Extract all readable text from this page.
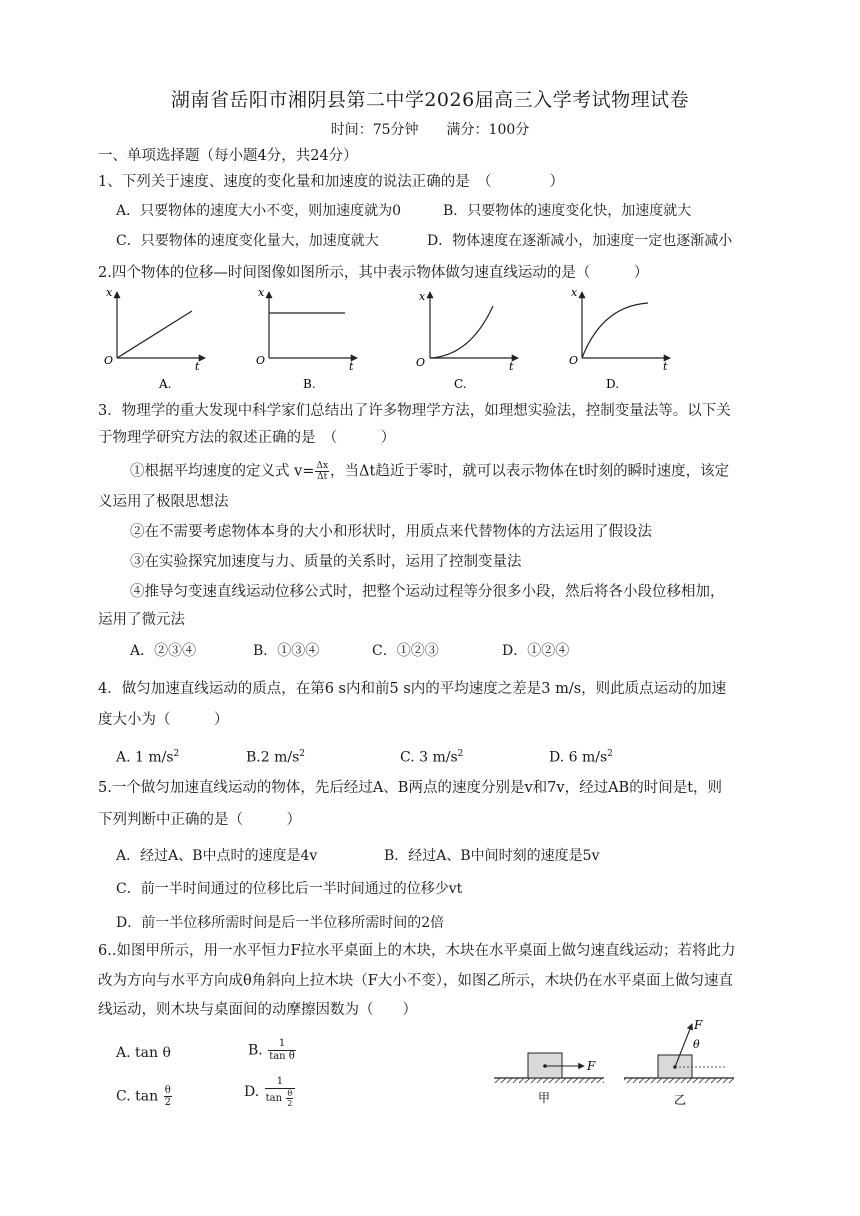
湖南省岳阳市湘阴县第二中学2026届高三入学考试物理试卷
时间：75分钟　　满分：100分
一、单项选择题（每小题4分，共24分）
1、下列关于速度、速度的变化量和加速度的说法正确的是　（　　　　）
A．只要物体的速度大小不变，则加速度就为0	B．只要物体的速度变化快，加速度就大
C．只要物体的速度变化量大，加速度就大	D．物体速度在逐渐减小，加速度一定也逐渐减小
2.四个物体的位移—时间图像如图所示，其中表示物体做匀速直线运动的是（　　　）
x
O	t
A.
x
O	t
B.
x
O	t
C.
x
O	t
D.
3．物理学的重大发现中科学家们总结出了许多物理学方法，如理想实验法，控制变量法等。以下关
于物理学研究方法的叙述正确的是　（　　　）
①根据平均速度的定义式 $v= \frac{\Delta x}{\Delta t}$ ，当Δt趋近于零时，就可以表示物体在t时刻的瞬时速度，该定
义运用了极限思想法
②在不需要考虑物体本身的大小和形状时，用质点来代替物体的方法运用了假设法
③在实验探究加速度与力、质量的关系时，运用了控制变量法
④推导匀变速直线运动位移公式时，把整个运动过程等分很多小段，然后将各小段位移相加，
运用了微元法
A．②③④	B．①③④	C．①②③	D．①②④
4．做匀加速直线运动的质点，在第6 s内和前5 s内的平均速度之差是3 m/s，则此质点运动的加速
度大小为（　　　）
A. 1 $m/s^2$	B.2 $m/s^2$	C. 3 $m/s^2$	D. 6 $m/s^2$
5.一个做匀加速直线运动的物体，先后经过A、B两点的速度分别是v和7v，经过AB的时间是t，则
下列判断中正确的是（　　　）
A．经过A、B中点时的速度是4v	B．经过A、B中间时刻的速度是5v
C．前一半时间通过的位移比后一半时间通过的位移少vt
D．前一半位移所需时间是后一半位移所需时间的2倍
6..如图甲所示，用一水平恒力F拉水平桌面上的木块，木块在水平桌面上做匀速直线运动；若将此力
改为方向与水平方向成θ角斜向上拉木块（F大小不变），如图乙所示，木块仍在水平桌面上做匀速直
线运动，则木块与桌面间的动摩擦因数为（　　）
A. tan θ	B. $\frac{1}{\text{tan θ}}$
C. $\tan \frac{\theta}{2}$	D. $\frac{1}{\tan \frac{\theta}{2}}$
F
甲
F
θ
乙
